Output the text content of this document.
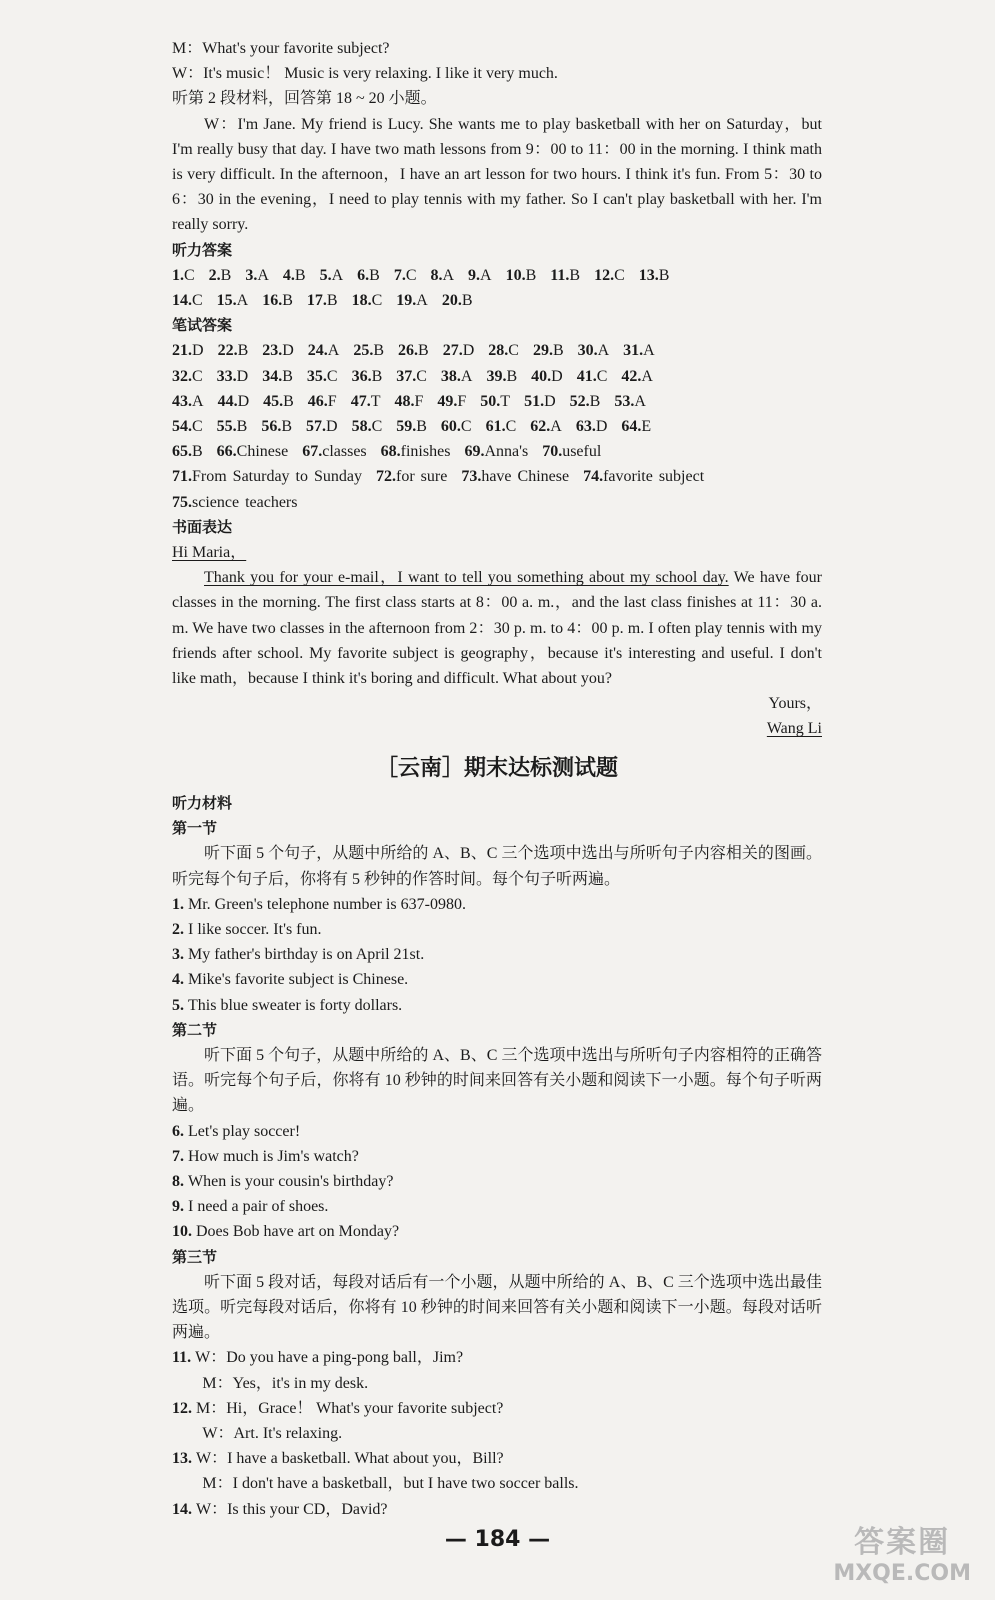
M：What's your favorite subject?
W：It's music！ Music is very relaxing. I like it very much.
听第 2 段材料，回答第 18 ~ 20 小题。
W：I'm Jane. My friend is Lucy. She wants me to play basketball with her on Saturday，but I'm really busy that day. I have two math lessons from 9：00 to 11：00 in the morning. I think math is very difficult. In the afternoon，I have an art lesson for two hours. I think it's fun. From 5：30 to 6：30 in the evening，I need to play tennis with my father. So I can't play basketball with her. I'm really sorry.
听力答案
1.C 2.B 3.A 4.B 5.A 6.B 7.C 8.A 9.A 10.B 11.B 12.C 13.B
14.C 15.A 16.B 17.B 18.C 19.A 20.B
笔试答案
21.D 22.B 23.D 24.A 25.B 26.B 27.D 28.C 29.B 30.A 31.A
32.C 33.D 34.B 35.C 36.B 37.C 38.A 39.B 40.D 41.C 42.A
43.A 44.D 45.B 46.F 47.T 48.F 49.F 50.T 51.D 52.B 53.A
54.C 55.B 56.B 57.D 58.C 59.B 60.C 61.C 62.A 63.D 64.E
65.B 66.Chinese 67.classes 68.finishes 69.Anna's 70.useful
71.From Saturday to Sunday 72.for sure 73.have Chinese 74.favorite subject
75.science teachers
书面表达
Hi Maria，
Thank you for your e-mail，I want to tell you something about my school day. We have four classes in the morning. The first class starts at 8：00 a. m.，and the last class finishes at 11：30 a. m. We have two classes in the afternoon from 2：30 p. m. to 4：00 p. m. I often play tennis with my friends after school. My favorite subject is geography，because it's interesting and useful. I don't like math，because I think it's boring and difficult. What about you?
Yours，
Wang Li
［云南］期末达标测试题
听力材料
第一节
听下面 5 个句子，从题中所给的 A、B、C 三个选项中选出与所听句子内容相关的图画。听完每个句子后，你将有 5 秒钟的作答时间。每个句子听两遍。
1. Mr. Green's telephone number is 637-0980.
2. I like soccer. It's fun.
3. My father's birthday is on April 21st.
4. Mike's favorite subject is Chinese.
5. This blue sweater is forty dollars.
第二节
听下面 5 个句子，从题中所给的 A、B、C 三个选项中选出与所听句子内容相符的正确答语。听完每个句子后，你将有 10 秒钟的时间来回答有关小题和阅读下一小题。每个句子听两遍。
6. Let's play soccer!
7. How much is Jim's watch?
8. When is your cousin's birthday?
9. I need a pair of shoes.
10. Does Bob have art on Monday?
第三节
听下面 5 段对话，每段对话后有一个小题，从题中所给的 A、B、C 三个选项中选出最佳选项。听完每段对话后，你将有 10 秒钟的时间来回答有关小题和阅读下一小题。每段对话听两遍。
11. W：Do you have a ping-pong ball，Jim?
M：Yes，it's in my desk.
12. M：Hi，Grace！ What's your favorite subject?
W：Art. It's relaxing.
13. W：I have a basketball. What about you，Bill?
M：I don't have a basketball，but I have two soccer balls.
14. W：Is this your CD，David?
— 184 —	答案圈
MXQE.COM
